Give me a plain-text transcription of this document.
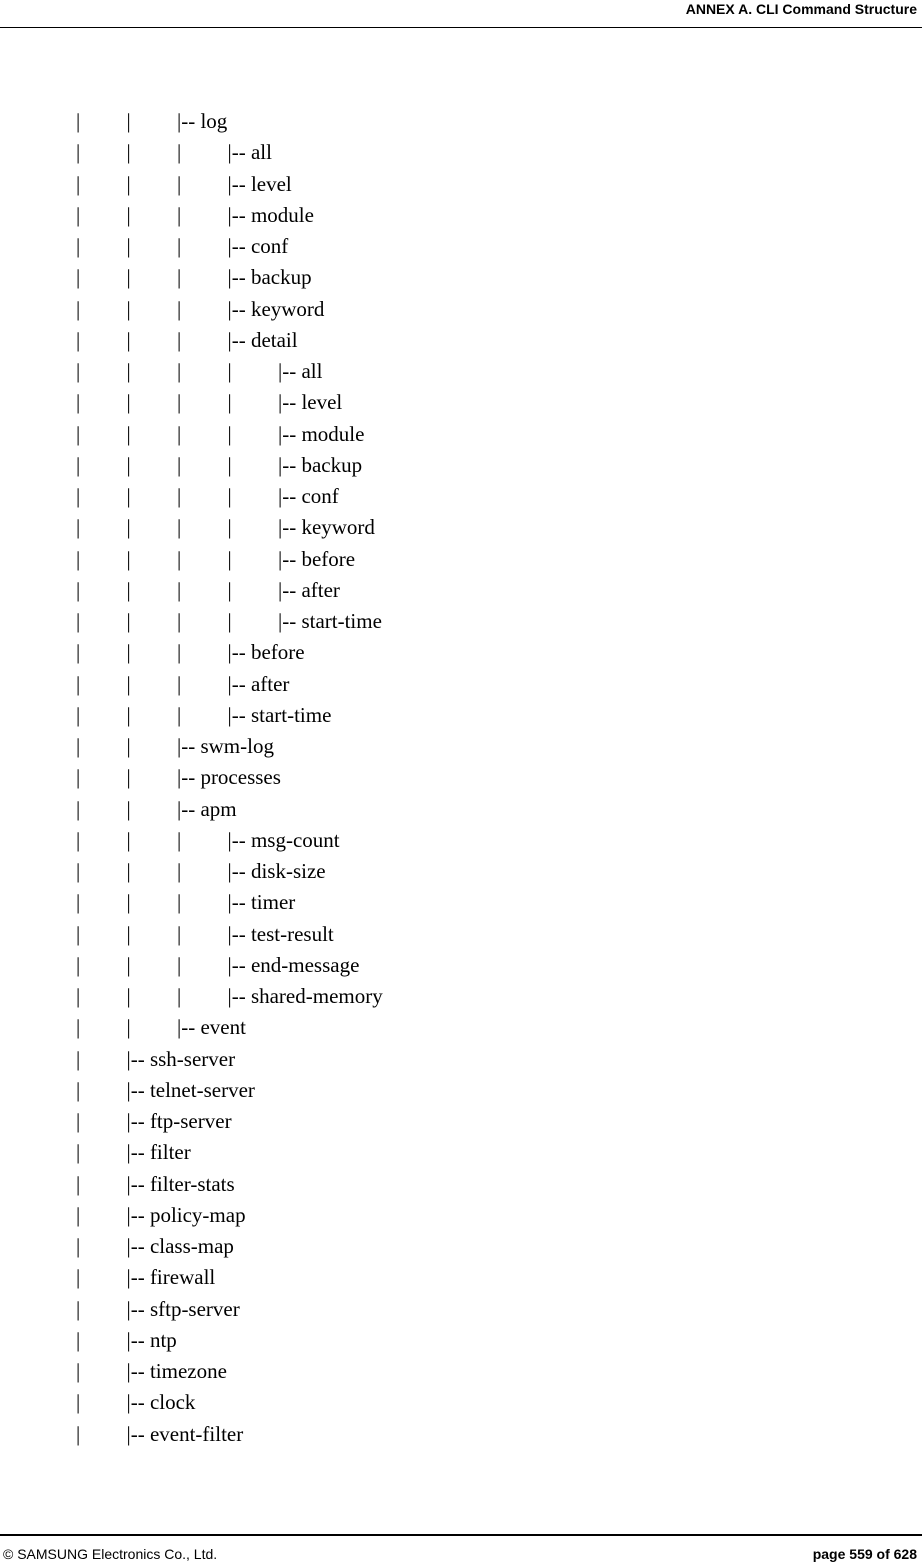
ANNEX A. CLI Command Structure
| | |-- log
| | | |-- all
| | | |-- level
| | | |-- module
| | | |-- conf
| | | |-- backup
| | | |-- keyword
| | | |-- detail
| | | | |-- all
| | | | |-- level
| | | | |-- module
| | | | |-- backup
| | | | |-- conf
| | | | |-- keyword
| | | | |-- before
| | | | |-- after
| | | | |-- start-time
| | | |-- before
| | | |-- after
| | | |-- start-time
| | |-- swm-log
| | |-- processes
| | |-- apm
| | | |-- msg-count
| | | |-- disk-size
| | | |-- timer
| | | |-- test-result
| | | |-- end-message
| | | |-- shared-memory
| | |-- event
| |-- ssh-server
| |-- telnet-server
| |-- ftp-server
| |-- filter
| |-- filter-stats
| |-- policy-map
| |-- class-map
| |-- firewall
| |-- sftp-server
| |-- ntp
| |-- timezone
| |-- clock
| |-- event-filter
© SAMSUNG Electronics Co., Ltd.	page 559 of 628
